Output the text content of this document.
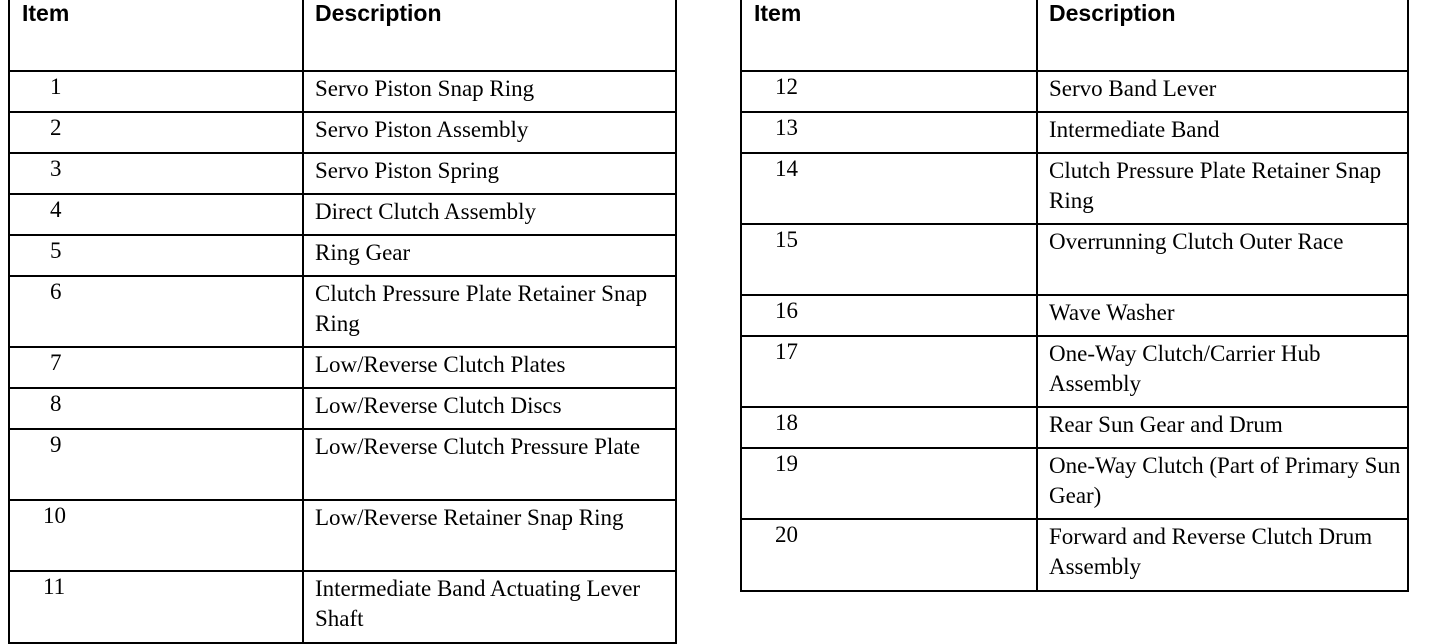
Item	Description
1	Servo Piston Snap Ring
2	Servo Piston Assembly
3	Servo Piston Spring
4	Direct Clutch Assembly
5	Ring Gear
6	Clutch Pressure Plate Retainer Snap Ring
7	Low/Reverse Clutch Plates
8	Low/Reverse Clutch Discs
9	Low/Reverse Clutch Pressure Plate
10	Low/Reverse Retainer Snap Ring
11	Intermediate Band Actuating Lever Shaft
Item	Description
12	Servo Band Lever
13	Intermediate Band
14	Clutch Pressure Plate Retainer Snap Ring
15	Overrunning Clutch Outer Race
16	Wave Washer
17	One-Way Clutch/Carrier Hub Assembly
18	Rear Sun Gear and Drum
19	One-Way Clutch (Part of Primary Sun Gear)
20	Forward and Reverse Clutch Drum Assembly
